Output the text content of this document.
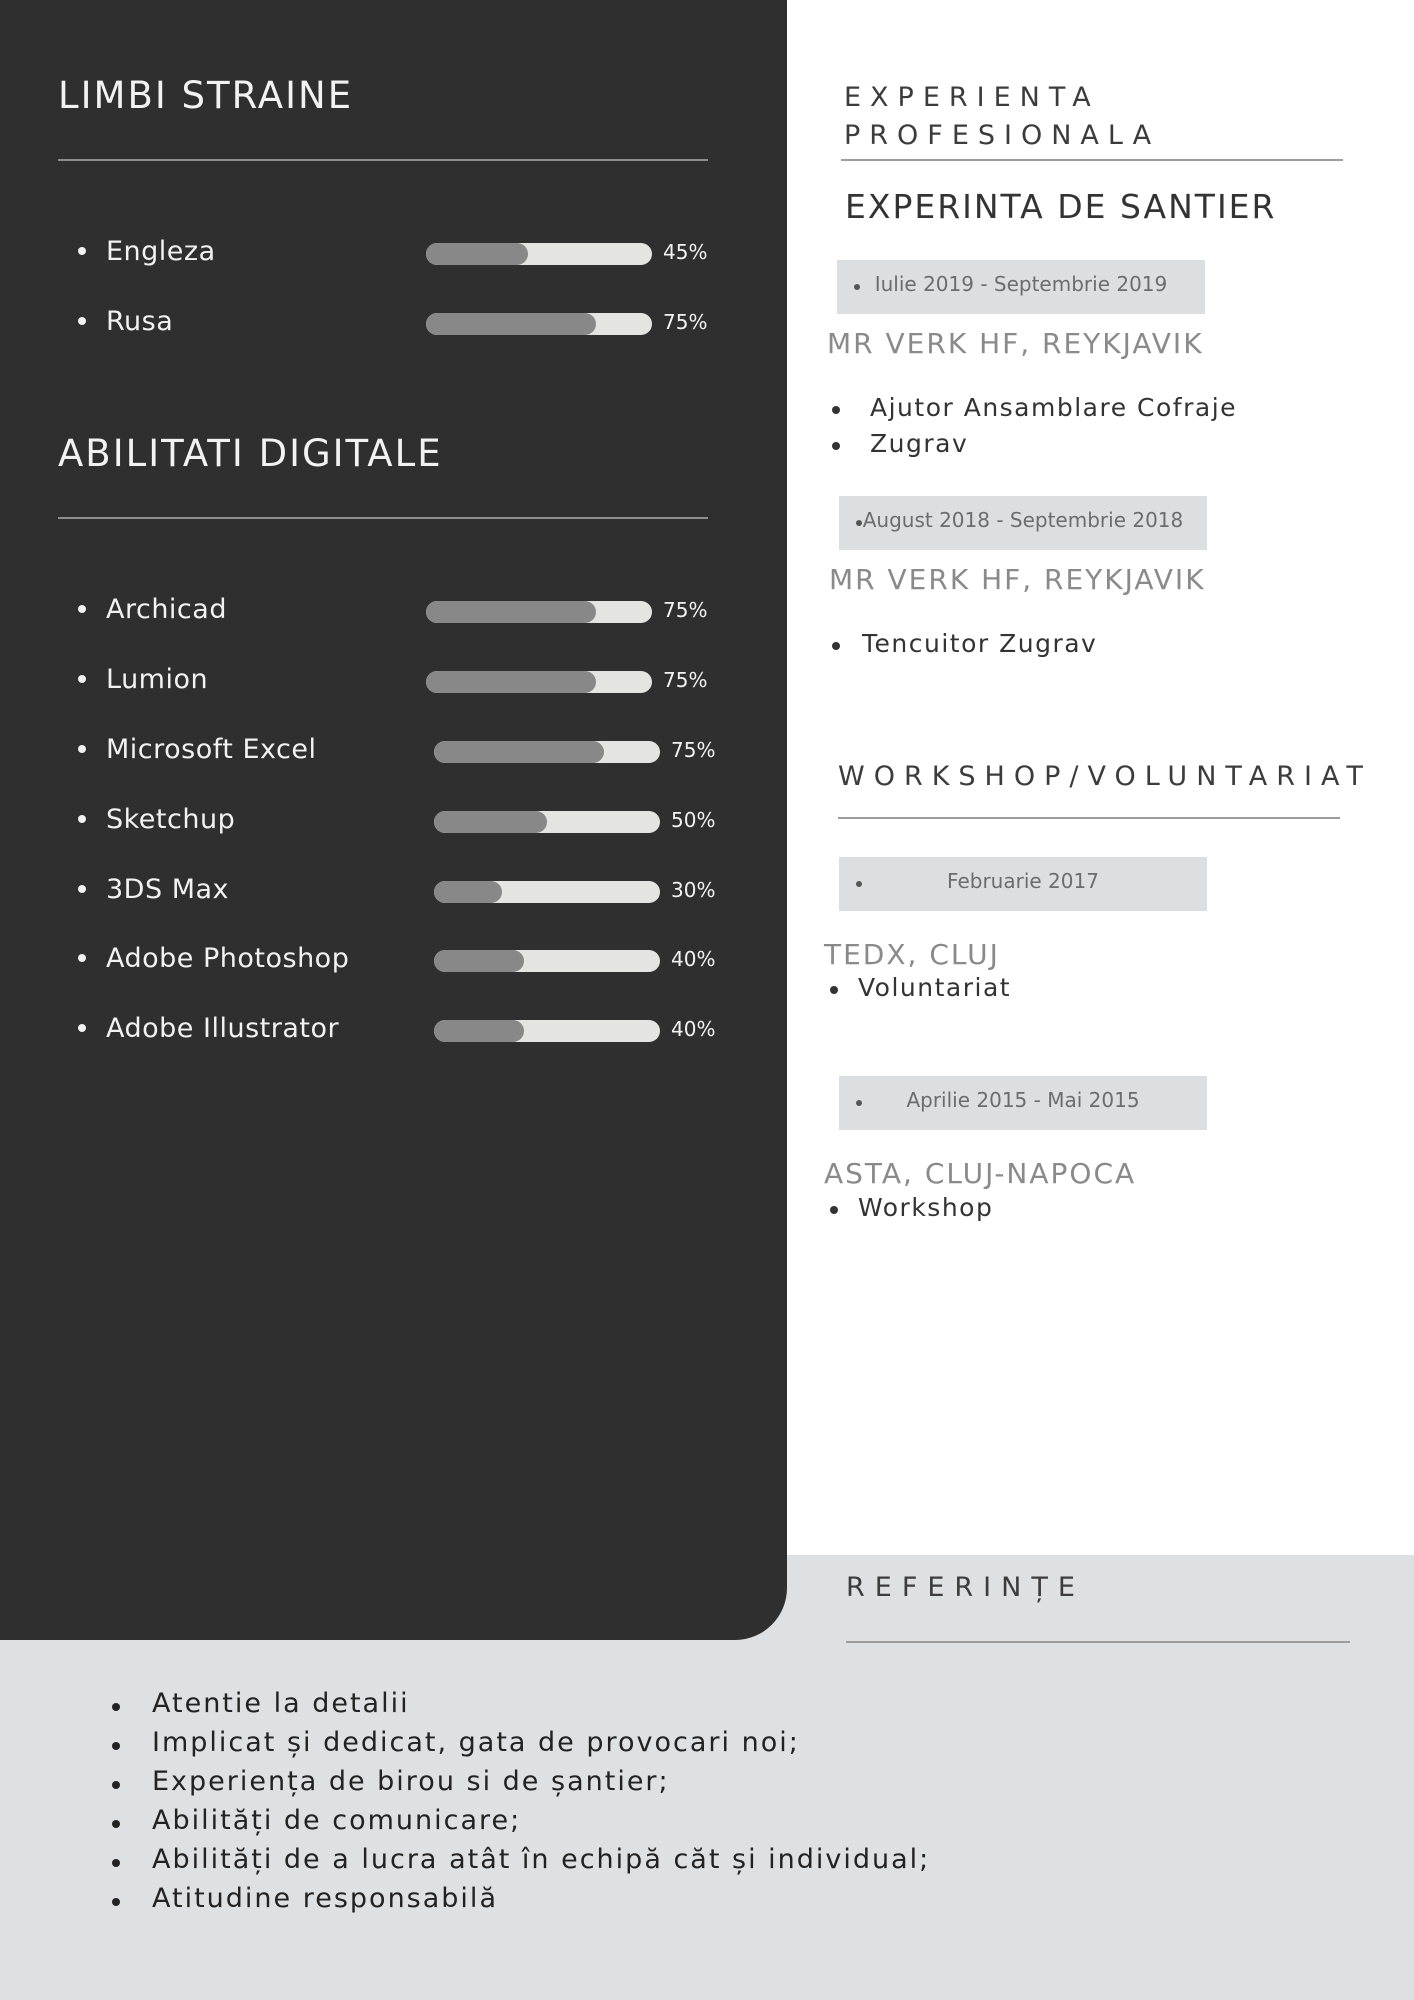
LIMBI STRAINE
Engleza	45%
Rusa	75%
ABILITATI DIGITALE
Archicad	75%
Lumion	75%
Microsoft Excel	75%
Sketchup	50%
3DS Max	30%
Adobe Photoshop	40%
Adobe Illustrator	40%
EXPERIENTA
PROFESIONALA
EXPERINTA DE SANTIER
Iulie 2019 - Septembrie 2019
MR VERK HF, REYKJAVIK
Ajutor Ansamblare Cofraje
Zugrav
August 2018 - Septembrie 2018
MR VERK HF, REYKJAVIK
Tencuitor Zugrav
WORKSHOP/VOLUNTARIAT
Februarie 2017
TEDX, CLUJ
Voluntariat
Aprilie 2015 - Mai 2015
ASTA, CLUJ-NAPOCA
Workshop
REFERINȚE
Atentie la detalii
Implicat și dedicat, gata de provocari noi;
Experiența de birou si de șantier;
Abilități de comunicare;
Abilități de a lucra atât în echipă căt și individual;
Atitudine responsabilă
